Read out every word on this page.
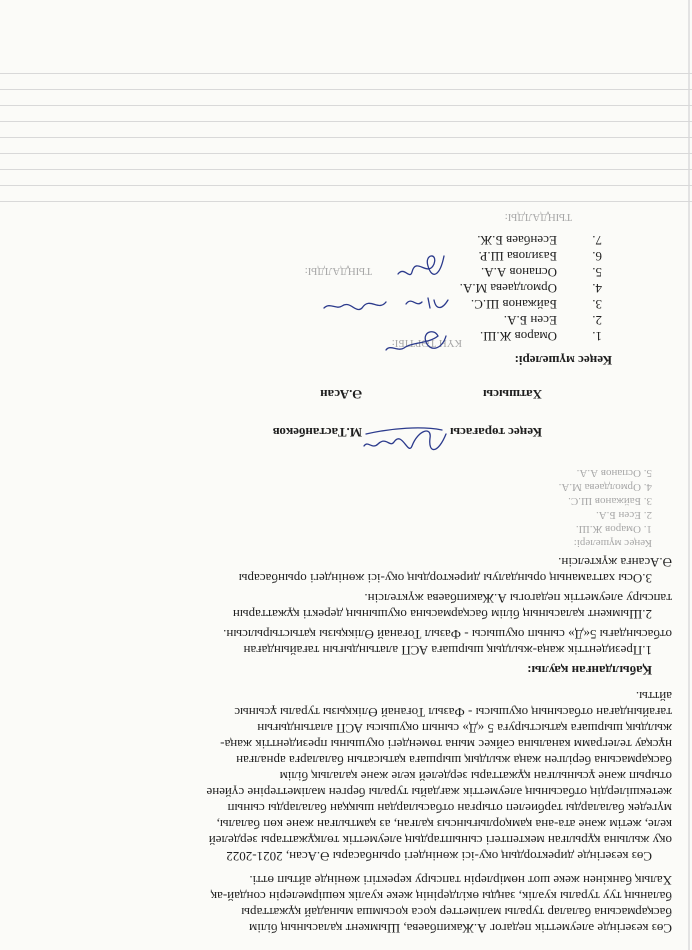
Сөз кезегінде әлеуметтік педагог А.Жакипбаева, Шымкент қаласының білім
басқармасына балалар туралы мәліметтер қоса қосымша мынадай құжаттары
баланың туу туралы куәлік, заңды өкілдерінің жеке куәлік көшірмелерін сондай-ақ
Халық банкінен жеке шот нөмірлерін тапсыру керектігі жөнінде айтып өтті.
Сөз кезегінде директордың оқу-ісі жөніндегі орынбасары Ә.Асан, 2021-2022
оқу жылына құрылған мектептегі сыныптардың әлеуметтік төлқұжаттары зерделей
келе, жетім және ата-ана қамқорлығынсыз қалған, аз қамтылған және көп балалы,
мүгедек балаларды тәрбиелеп отырған отбасылардан шыққан балаларды сынып
жетекшілердің отбасының әлеуметтік жағдайы туралы берген мәліметтеріне сүйене
отырып және ұсынылған құжаттары зерделей келе және қалалық білім
басқармасына берілген жаңа жылдық шыршаға қатысатын балаларға арналған
нұсқау телеграмм каналына сәйкес мына төмендегі оқушыны президенттік жаңа-
жылдық шыршаға қатыстыруға 5 «Д» сынып оқушысы АСП алатындығын
тағайындаған отбасының оқушысы - Фазыл Тоғанай Өлікқызы туралы ұсыныс
айтты.
Қабылданған қаулы:
1.Президенттік жаңа-жылдық шыршаға АСП алатындығын тағайындаған
отбасындағы 5«Д» сынып оқушысы - Фазыл Тоғанай Өлікқызы қатыстырылсын.
2.Шымкент қаласының білім басқармасына оқушының деректі құжаттарын
тапсыру әлеуметтік педагогы А.Жакипбаева жүктелсін.
3.Осы хаттаманың орындалуы директордың оқу-ісі жөніндегі орынбасары
Ә.Асанға жүктелсін.
Кеңес мүшелері:
1. Омаров Ж.Ш.
2. Есен Б.А.
3. Байжанов Ш.С.
4. Ормолдаева М.А.
5. Оспанов А.А.
Кеңес төрағасы
М.Тастанбеков
Хатшысы
Ә.Асан
Кеңес мүшелері:
КҮН ТӘРТІБІ:	1.
Омаров Ж.Ш.
2.
Есен Б.А.
3.
Байжанов Ш.С.
4.
Ормолдаева М.А.
5.
Оспанов А.А.
ТЫҢДАЛДЫ:
6.
Базилова Ш.Р.
7.
Есенбаев Б.Ж.
ТЫҢДАЛДЫ:
